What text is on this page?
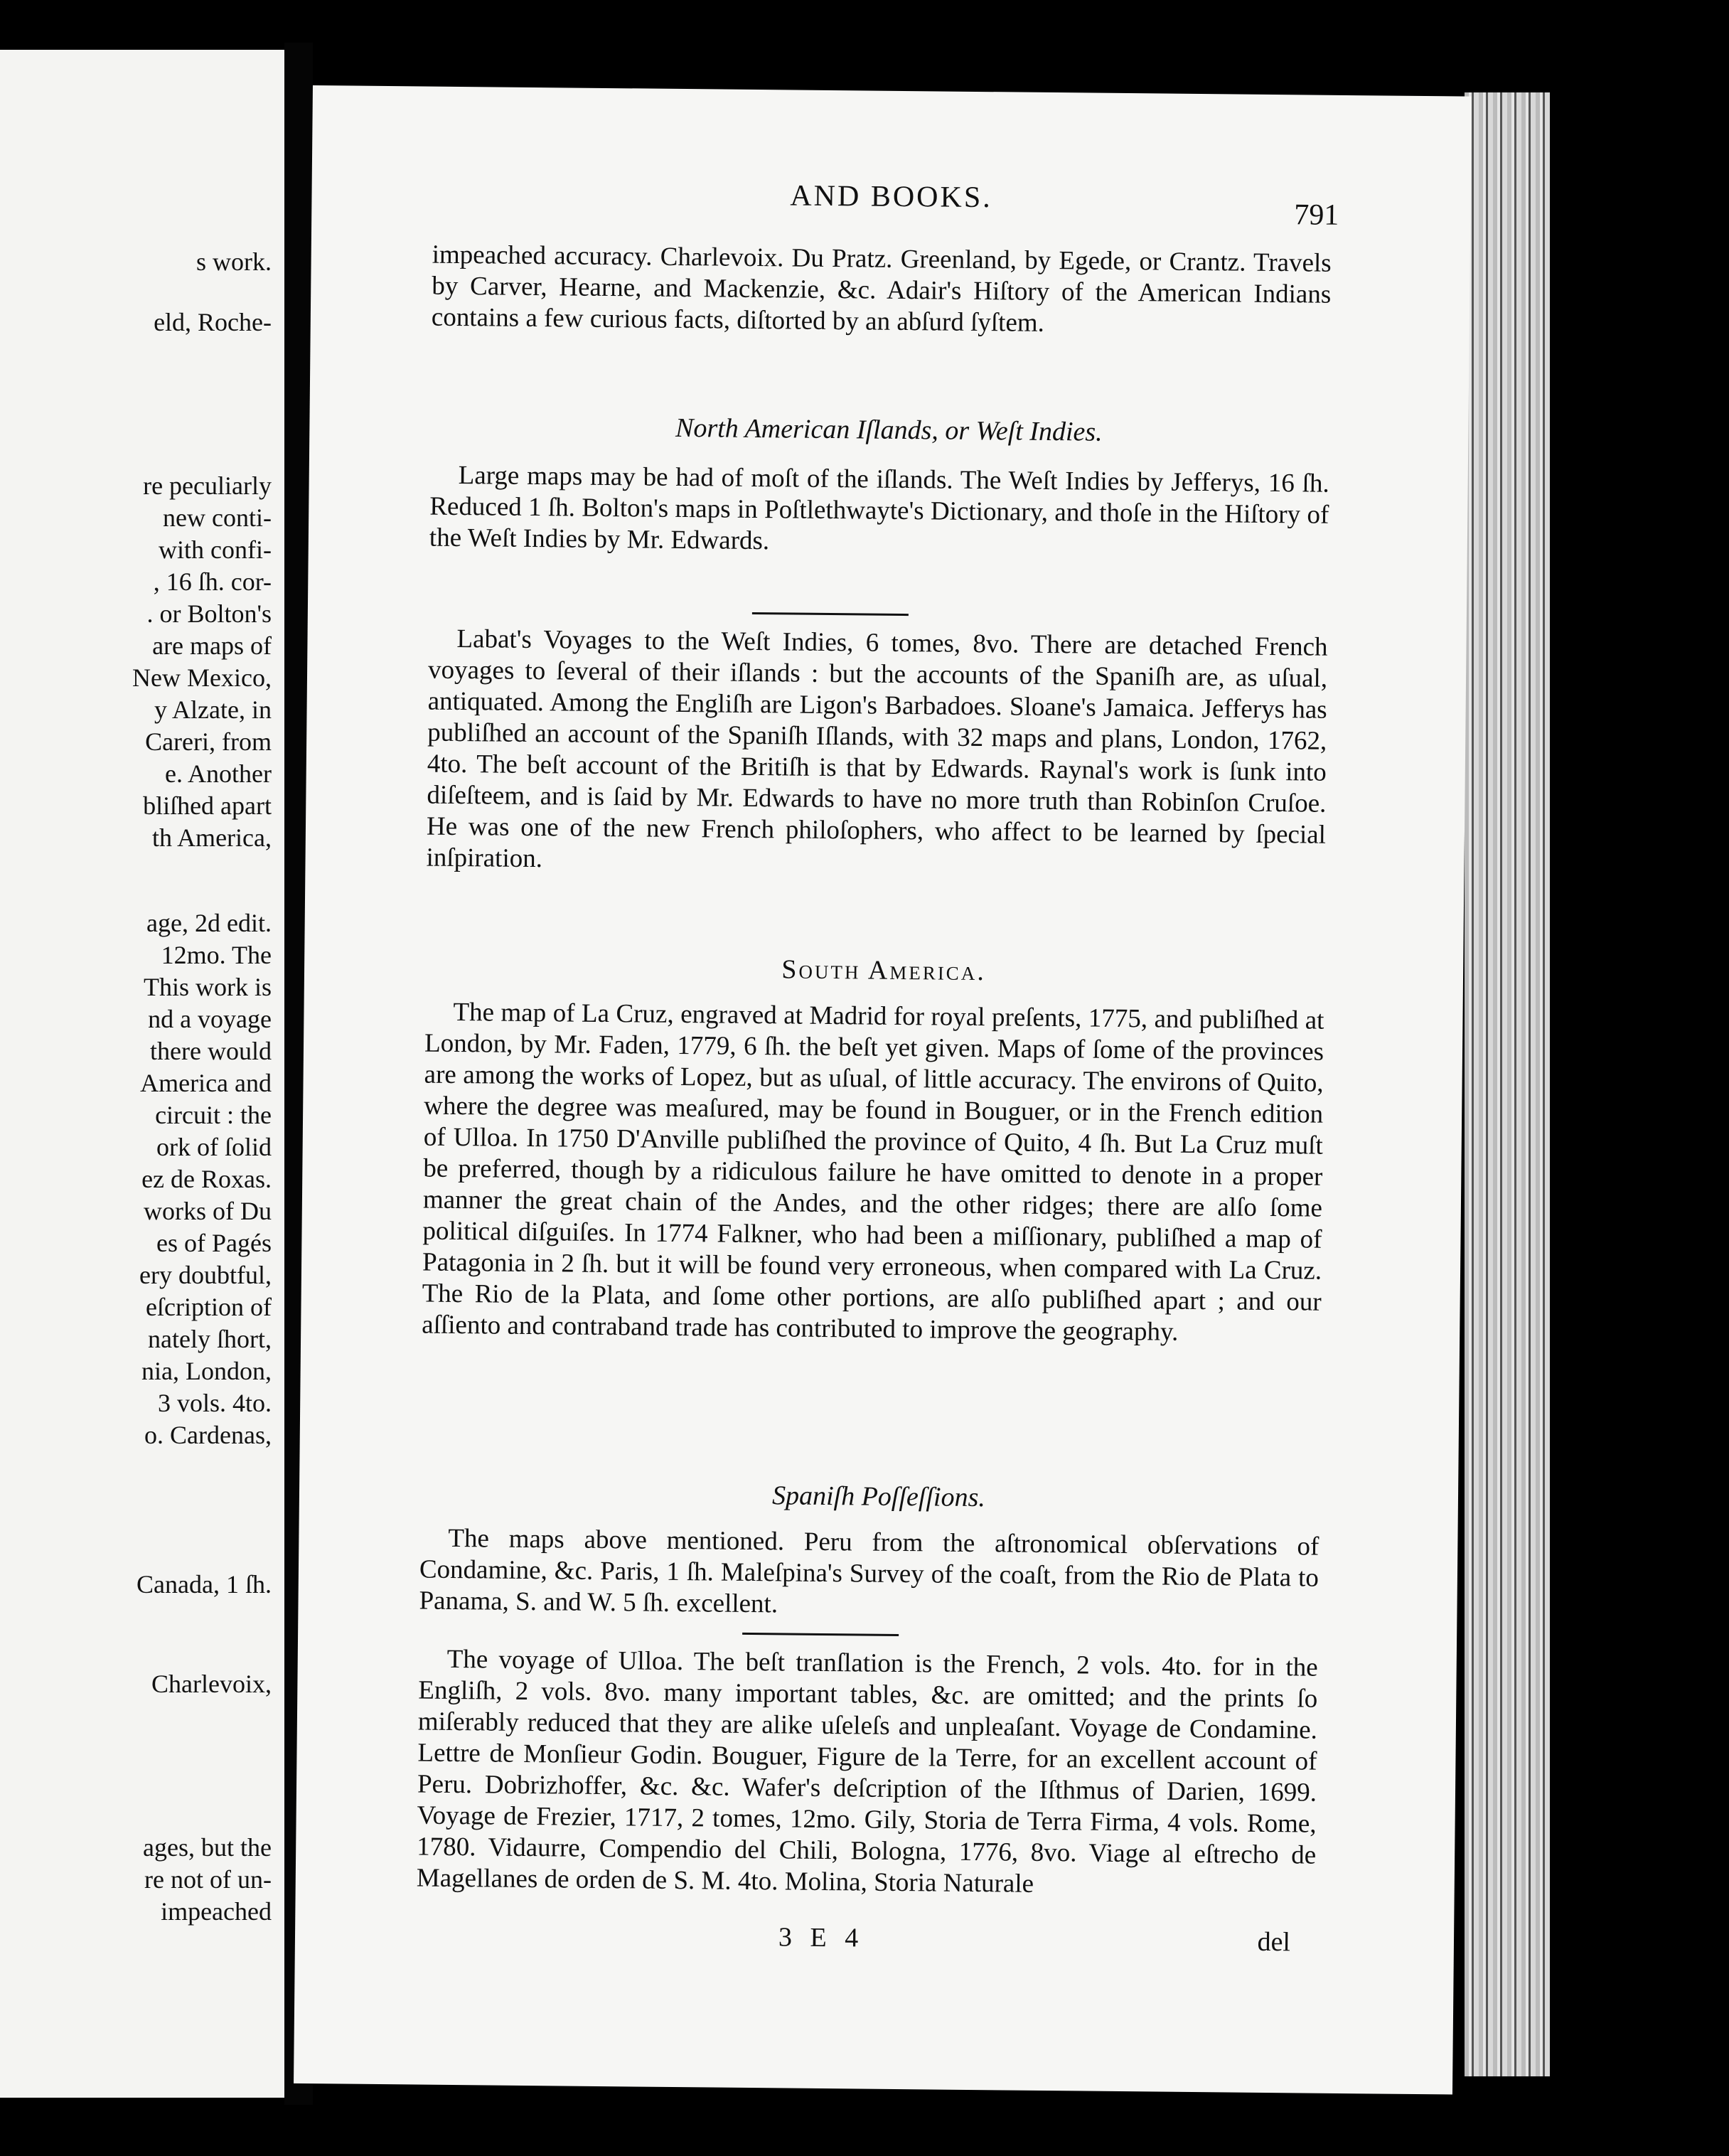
s work.
eld, Roche-
re peculiarly
new conti-
with confi-
, 16 ſh. cor-
. or Bolton's
are maps of
New Mexico,
y Alzate, in
Careri, from
e. Another
bliſhed apart
th America,
age, 2d edit.
12mo. The
This work is
nd a voyage
there would
America and
circuit : the
ork of ſolid
ez de Roxas.
works of Du
es of Pagés
ery doubtful,
eſcription of
nately ſhort,
nia, London,
3 vols. 4to.
o. Cardenas,
Canada, 1 ſh.
Charlevoix,
ages, but the
re not of un-
impeached
AND BOOKS.
791

impeached accuracy. Charlevoix. Du Pratz. Greenland, by Egede, or Crantz. Travels by Carver, Hearne, and Mackenzie, &c. Adair's Hiſtory of the American Indians contains a few curious facts, diſtorted by an abſurd ſyſtem.

North American Iſlands, or Weſt Indies.

Large maps may be had of moſt of the iſlands. The Weſt Indies by Jefferys, 16 ſh. Reduced 1 ſh. Bolton's maps in Poſtlethwayte's Dictionary, and thoſe in the Hiſtory of the Weſt Indies by Mr. Edwards.

Labat's Voyages to the Weſt Indies, 6 tomes, 8vo. There are detached French voyages to ſeveral of their iſlands : but the accounts of the Spaniſh are, as uſual, antiquated. Among the Engliſh are Ligon's Barbadoes. Sloane's Jamaica. Jefferys has publiſhed an account of the Spaniſh Iſlands, with 32 maps and plans, London, 1762, 4to. The beſt account of the Britiſh is that by Edwards. Raynal's work is ſunk into diſeſteem, and is ſaid by Mr. Edwards to have no more truth than Robinſon Cruſoe. He was one of the new French philoſophers, who affect to be learned by ſpecial inſpiration.

South America.

The map of La Cruz, engraved at Madrid for royal preſents, 1775, and publiſhed at London, by Mr. Faden, 1779, 6 ſh. the beſt yet given. Maps of ſome of the provinces are among the works of Lopez, but as uſual, of little accuracy. The environs of Quito, where the degree was meaſured, may be found in Bouguer, or in the French edition of Ulloa. In 1750 D'Anville publiſhed the province of Quito, 4 ſh. But La Cruz muſt be preferred, though by a ridiculous failure he have omitted to denote in a proper manner the great chain of the Andes, and the other ridges; there are alſo ſome political diſguiſes. In 1774 Falkner, who had been a miſſionary, publiſhed a map of Patagonia in 2 ſh. but it will be found very erroneous, when compared with La Cruz. The Rio de la Plata, and ſome other portions, are alſo publiſhed apart ; and our aſſiento and contraband trade has contributed to improve the geography.

Spaniſh Poſſeſſions.

The maps above mentioned. Peru from the aſtronomical obſervations of Condamine, &c. Paris, 1 ſh. Maleſpina's Survey of the coaſt, from the Rio de Plata to Panama, S. and W. 5 ſh. excellent.

The voyage of Ulloa. The beſt tranſlation is the French, 2 vols. 4to. for in the Engliſh, 2 vols. 8vo. many important tables, &c. are omitted; and the prints ſo miſerably reduced that they are alike uſeleſs and unpleaſant. Voyage de Condamine. Lettre de Monſieur Godin. Bouguer, Figure de la Terre, for an excellent account of Peru. Dobrizhoffer, &c. &c. Wafer's deſcription of the Iſthmus of Darien, 1699. Voyage de Frezier, 1717, 2 tomes, 12mo. Gily, Storia de Terra Firma, 4 vols. Rome, 1780. Vidaurre, Compendio del Chili, Bologna, 1776, 8vo. Viage al eſtrecho de Magellanes de orden de S. M. 4to. Molina, Storia Naturale

3 E 4	del
